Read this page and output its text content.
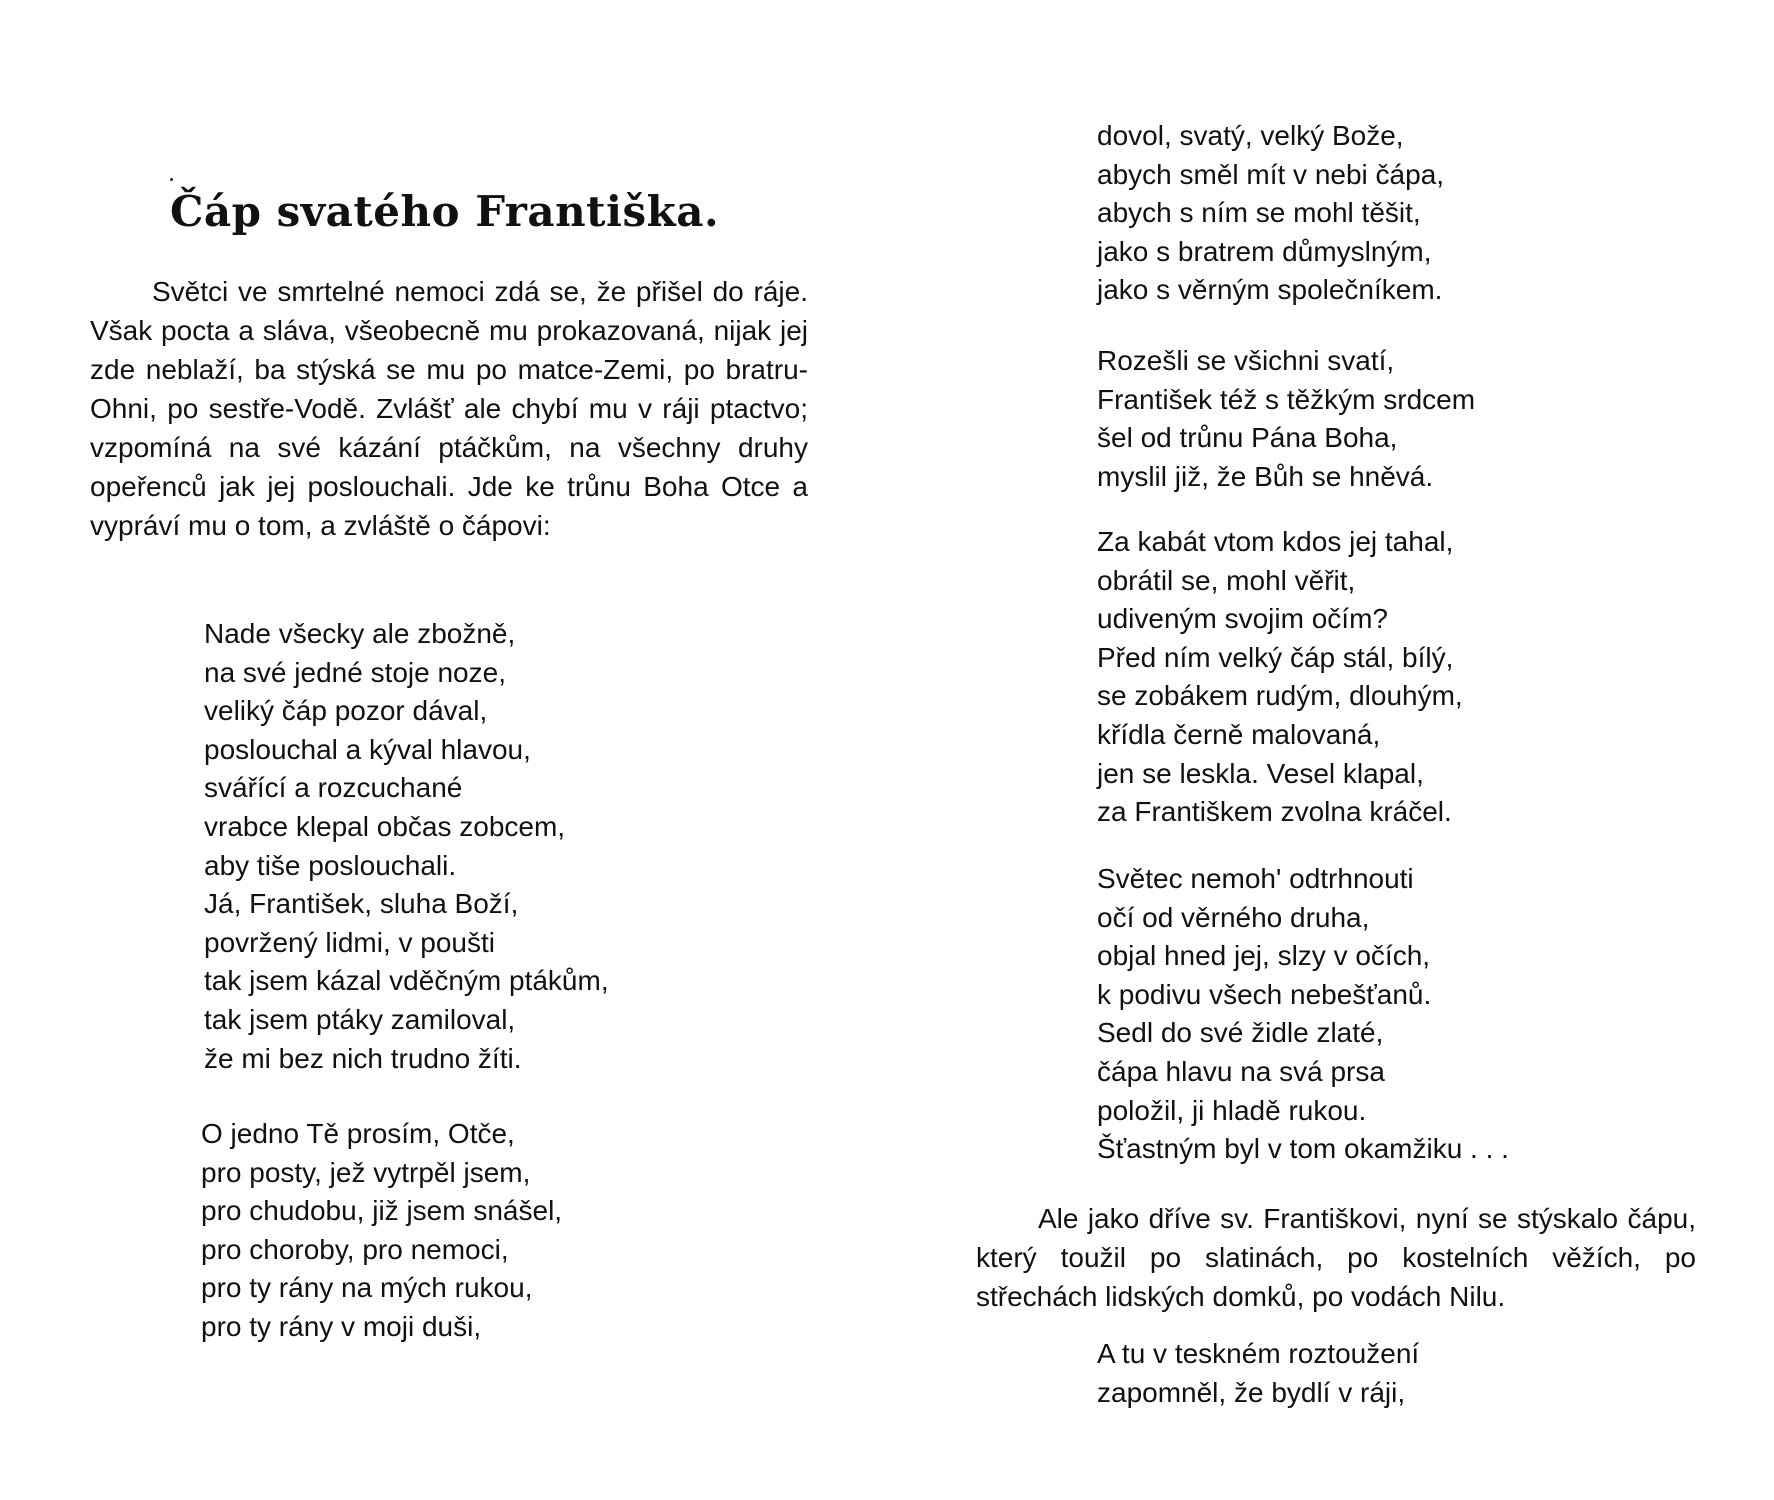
Čáp svatého Františka.

Světci ve smrtelné nemoci zdá se, že přišel do ráje. Však pocta a sláva, všeobecně mu prokazovaná, nijak jej zde neblaží, ba stýská se mu po matce-Zemi, po bratru-Ohni, po sestře-Vodě. Zvlášť ale chybí mu v ráji ptactvo; vzpomíná na své kázání ptáčkům, na všechny druhy opeřenců jak jej poslouchali. Jde ke trůnu Boha Otce a vypráví mu o tom, a zvláště o čápovi:

Nade všecky ale zbožně,
na své jedné stoje noze,
veliký čáp pozor dával,
poslouchal a kýval hlavou,
svářící a rozcuchané
vrabce klepal občas zobcem,
aby tiše poslouchali.
Já, František, sluha Boží,
povržený lidmi, v poušti
tak jsem kázal vděčným ptákům,
tak jsem ptáky zamiloval,
že mi bez nich trudno žíti.
O jedno Tě prosím, Otče,
pro posty, jež vytrpěl jsem,
pro chudobu, již jsem snášel,
pro choroby, pro nemoci,
pro ty rány na mých rukou,
pro ty rány v moji duši,
dovol, svatý, velký Bože,
abych směl mít v nebi čápa,
abych s ním se mohl těšit,
jako s bratrem důmyslným,
jako s věrným společníkem.
Rozešli se všichni svatí,
František též s těžkým srdcem
šel od trůnu Pána Boha,
myslil již, že Bůh se hněvá.
Za kabát vtom kdos jej tahal,
obrátil se, mohl věřit,
udiveným svojim očím?
Před ním velký čáp stál, bílý,
se zobákem rudým, dlouhým,
křídla černě malovaná,
jen se leskla. Vesel klapal,
za Františkem zvolna kráčel.
Světec nemoh' odtrhnouti
očí od věrného druha,
objal hned jej, slzy v očích,
k podivu všech nebešťanů.
Sedl do své židle zlaté,
čápa hlavu na svá prsa
položil, ji hladě rukou.
Šťastným byl v tom okamžiku . . .

Ale jako dříve sv. Františkovi, nyní se stýskalo čápu, který toužil po slatinách, po kostelních věžích, po střechách lidských domků, po vodách Nilu.

A tu v teskném roztoužení
zapomněl, že bydlí v ráji,
